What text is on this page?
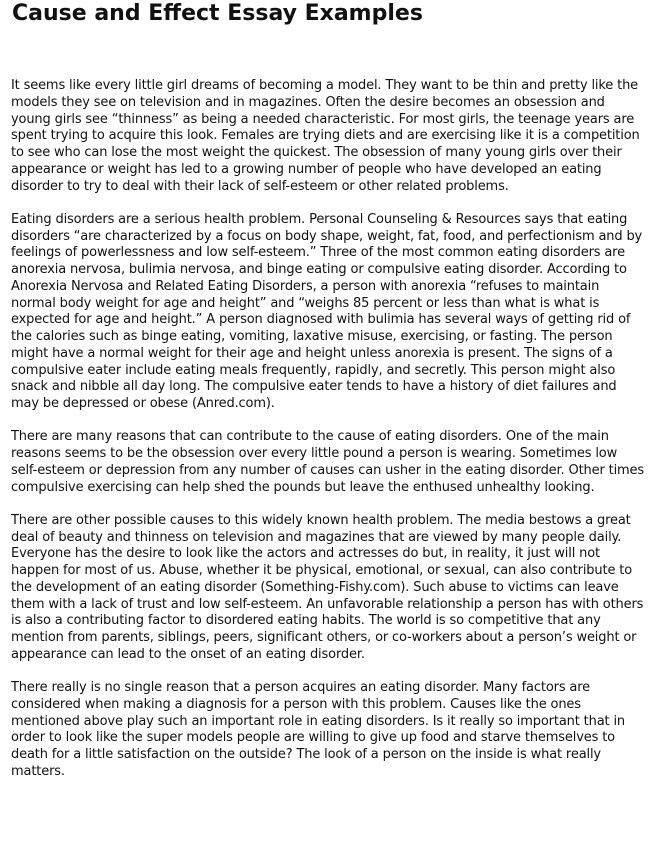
Cause and Effect Essay Examples

It seems like every little girl dreams of becoming a model. They want to be thin and pretty like the models they see on television and in magazines. Often the desire becomes an obsession and young girls see “thinness” as being a needed characteristic. For most girls, the teenage years are spent trying to acquire this look. Females are trying diets and are exercising like it is a competition to see who can lose the most weight the quickest. The obsession of many young girls over their appearance or weight has led to a growing number of people who have developed an eating disorder to try to deal with their lack of self-esteem or other related problems.

Eating disorders are a serious health problem. Personal Counseling & Resources says that eating disorders “are characterized by a focus on body shape, weight, fat, food, and perfectionism and by feelings of powerlessness and low self-esteem.” Three of the most common eating disorders are anorexia nervosa, bulimia nervosa, and binge eating or compulsive eating disorder. According to Anorexia Nervosa and Related Eating Disorders, a person with anorexia “refuses to maintain normal body weight for age and height” and “weighs 85 percent or less than what is what is expected for age and height.” A person diagnosed with bulimia has several ways of getting rid of the calories such as binge eating, vomiting, laxative misuse, exercising, or fasting. The person might have a normal weight for their age and height unless anorexia is present. The signs of a compulsive eater include eating meals frequently, rapidly, and secretly. This person might also snack and nibble all day long. The compulsive eater tends to have a history of diet failures and may be depressed or obese (Anred.com).

There are many reasons that can contribute to the cause of eating disorders. One of the main reasons seems to be the obsession over every little pound a person is wearing. Sometimes low self-esteem or depression from any number of causes can usher in the eating disorder. Other times compulsive exercising can help shed the pounds but leave the enthused unhealthy looking.

There are other possible causes to this widely known health problem. The media bestows a great deal of beauty and thinness on television and magazines that are viewed by many people daily. Everyone has the desire to look like the actors and actresses do but, in reality, it just will not happen for most of us. Abuse, whether it be physical, emotional, or sexual, can also contribute to the development of an eating disorder (Something-Fishy.com). Such abuse to victims can leave them with a lack of trust and low self-esteem. An unfavorable relationship a person has with others is also a contributing factor to disordered eating habits. The world is so competitive that any mention from parents, siblings, peers, significant others, or co-workers about a person’s weight or appearance can lead to the onset of an eating disorder.

There really is no single reason that a person acquires an eating disorder. Many factors are considered when making a diagnosis for a person with this problem. Causes like the ones mentioned above play such an important role in eating disorders. Is it really so important that in order to look like the super models people are willing to give up food and starve themselves to death for a little satisfaction on the outside? The look of a person on the inside is what really matters.
